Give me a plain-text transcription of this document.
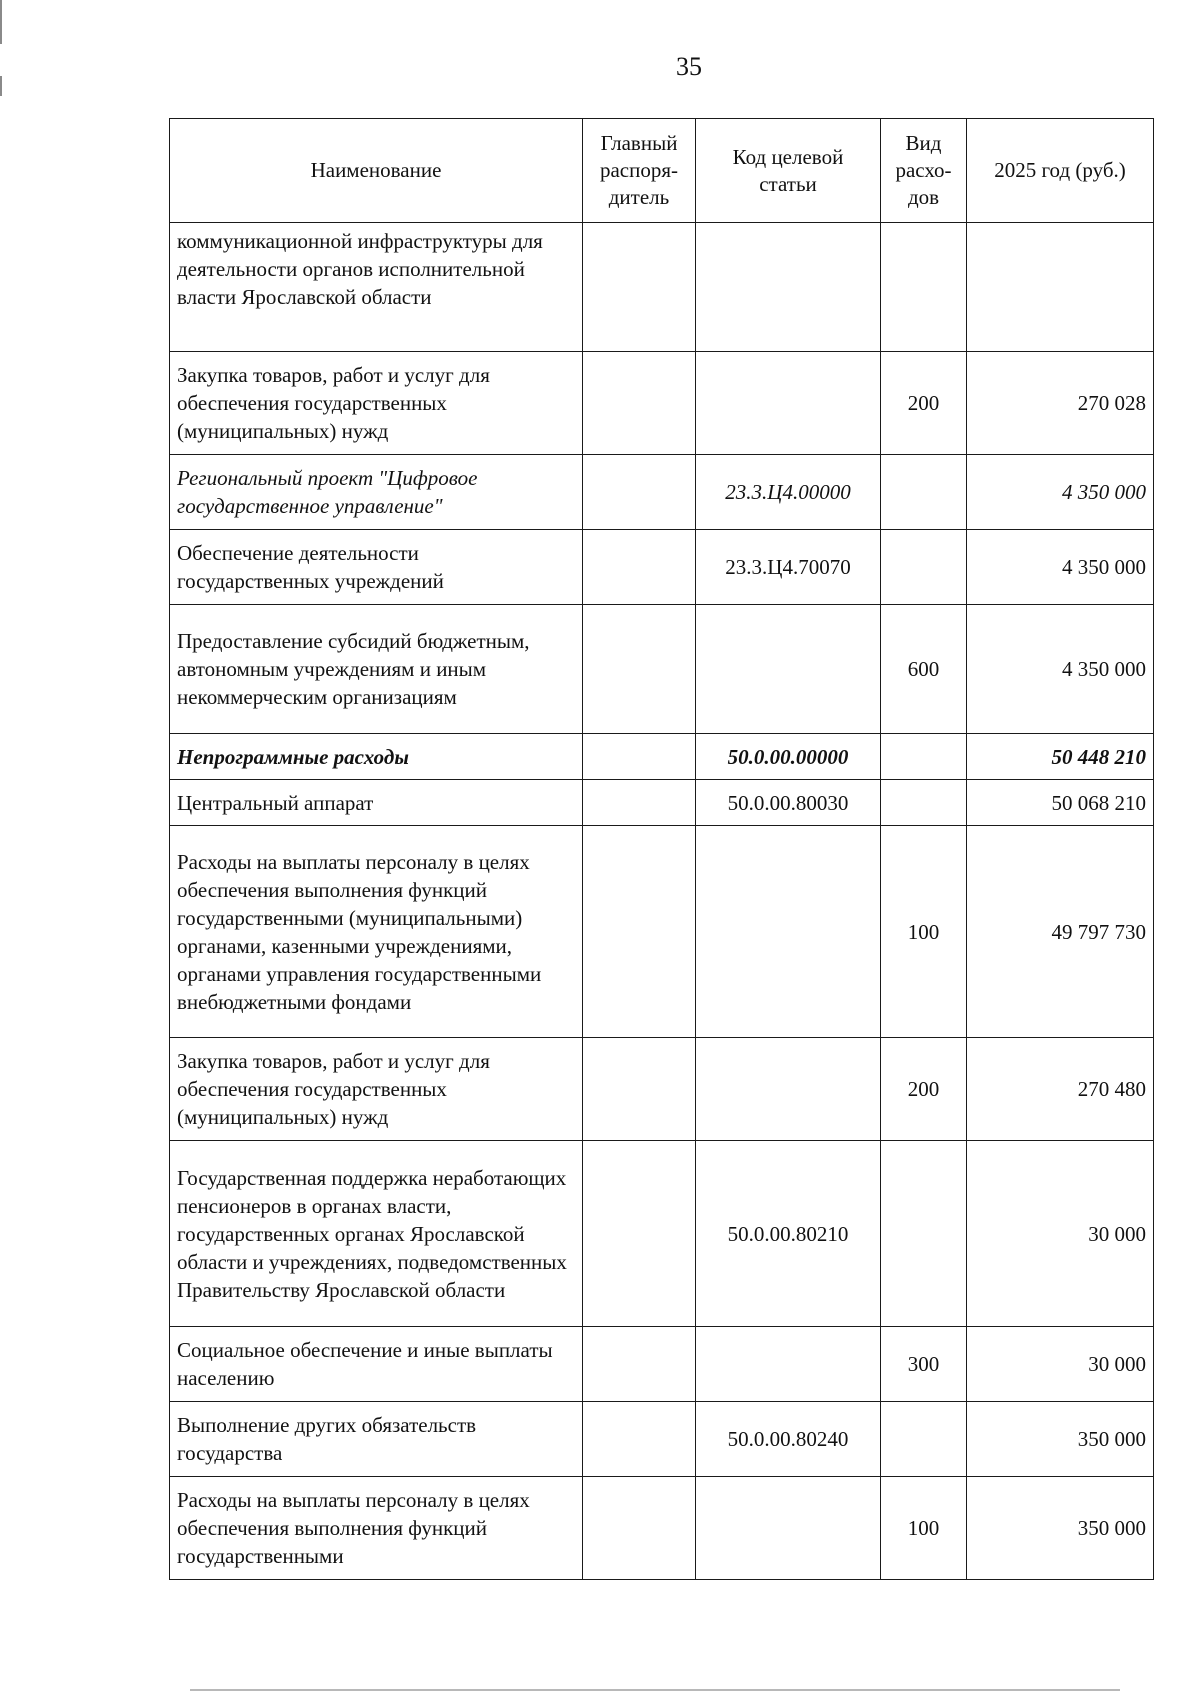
35
Наименование	Главный распоря-дитель	Код целевой статьи	Вид расхо-дов	2025 год (руб.)
коммуникационной инфраструктуры для деятельности органов исполнительной власти Ярославской области				
Закупка товаров, работ и услуг для обеспечения государственных (муниципальных) нужд			200	270 028
Региональный проект "Цифровое государственное управление"		23.3.Ц4.00000		4 350 000
Обеспечение деятельности государственных учреждений		23.3.Ц4.70070		4 350 000
Предоставление субсидий бюджетным, автономным учреждениям и иным некоммерческим организациям			600	4 350 000
Непрограммные расходы		50.0.00.00000		50 448 210
Центральный аппарат		50.0.00.80030		50 068 210
Расходы на выплаты персоналу в целях обеспечения выполнения функций государственными (муниципальными) органами, казенными учреждениями, органами управления государственными внебюджетными фондами			100	49 797 730
Закупка товаров, работ и услуг для обеспечения государственных (муниципальных) нужд			200	270 480
Государственная поддержка неработающих пенсионеров в органах власти, государственных органах Ярославской области и учреждениях, подведомственных Правительству Ярославской области		50.0.00.80210		30 000
Социальное обеспечение и иные выплаты населению			300	30 000
Выполнение других обязательств государства		50.0.00.80240		350 000
Расходы на выплаты персоналу в целях обеспечения выполнения функций государственными			100	350 000
